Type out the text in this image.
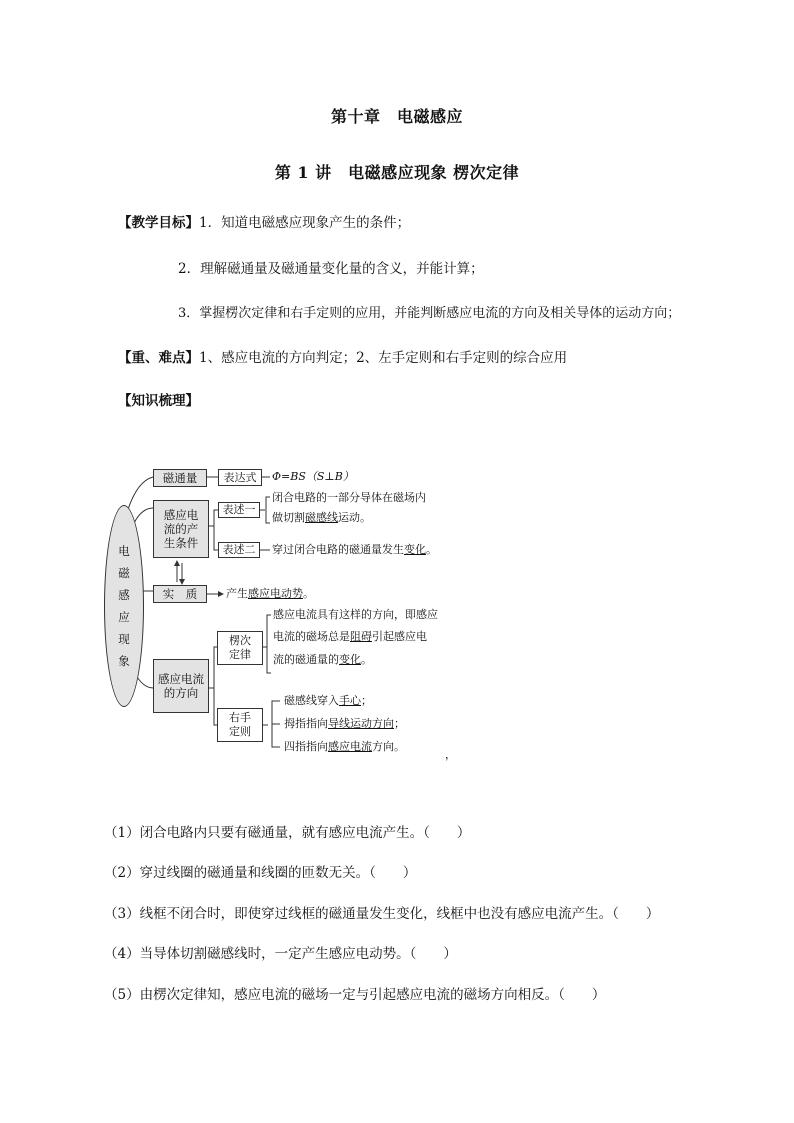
第十章　电磁感应
第 1 讲　电磁感应现象 楞次定律
【教学目标】1．知道电磁感应现象产生的条件；
2．理解磁通量及磁通量变化量的含义，并能计算；
3．掌握楞次定律和右手定则的应用，并能判断感应电流的方向及相关导体的运动方向；
【重、难点】1、感应电流的方向判定；2、左手定则和右手定则的综合应用
【知识梳理】
电
磁
感
应
现
象
磁通量	表达式	Φ=BS（S⊥B）
感应电
流的产
生条件
表述一
闭合电路的一部分导体在磁场内
做切割磁感线运动。
表述二	穿过闭合电路的磁通量发生变化。
实　质	产生感应电动势。
感应电流
的方向
楞次
定律
感应电流具有这样的方向，即感应
电流的磁场总是阻碍引起感应电
流的磁通量的变化。
右手
定则
磁感线穿入手心；
拇指指向导线运动方向；
四指指向感应电流方向。
，
（1）闭合电路内只要有磁通量，就有感应电流产生。（　　）
（2）穿过线圈的磁通量和线圈的匝数无关。（　　）
（3）线框不闭合时，即使穿过线框的磁通量发生变化，线框中也没有感应电流产生。（　　）
（4）当导体切割磁感线时，一定产生感应电动势。（　　）
（5）由楞次定律知，感应电流的磁场一定与引起感应电流的磁场方向相反。（　　）
